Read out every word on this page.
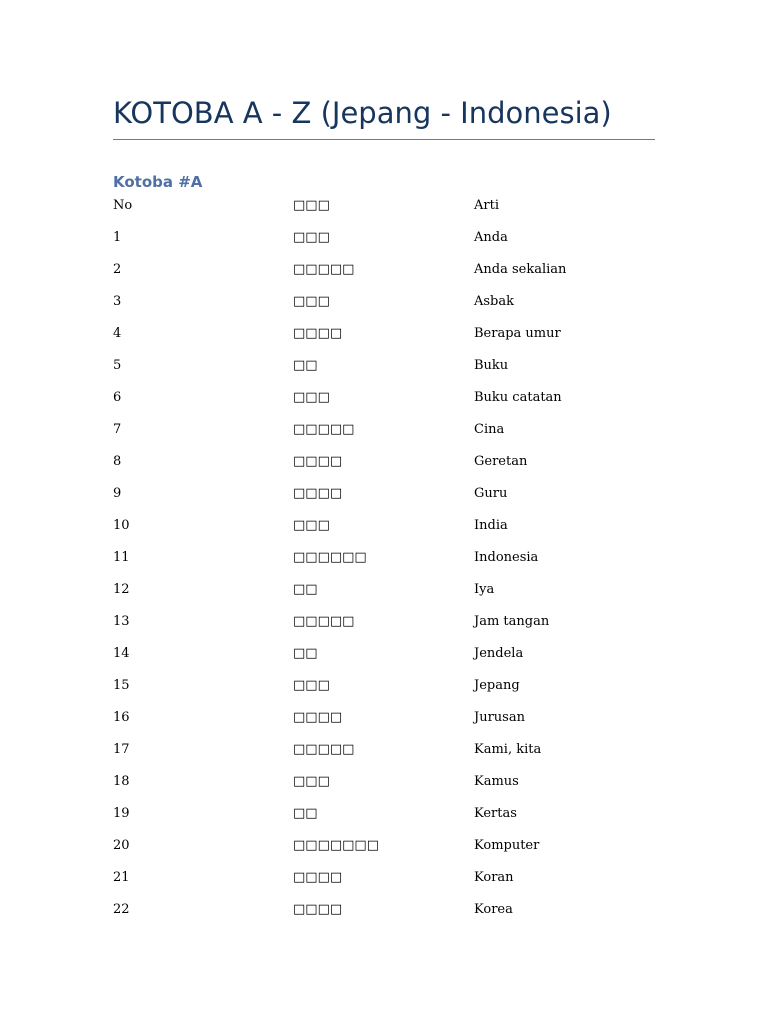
KOTOBA A - Z (Jepang - Indonesia)
Kotoba #A
No	□□□	Arti
1	□□□	Anda
2	□□□□□	Anda sekalian
3	□□□	Asbak
4	□□□□	Berapa umur
5	□□	Buku
6	□□□	Buku catatan
7	□□□□□	Cina
8	□□□□	Geretan
9	□□□□	Guru
10	□□□	India
11	□□□□□□	Indonesia
12	□□	Iya
13	□□□□□	Jam tangan
14	□□	Jendela
15	□□□	Jepang
16	□□□□	Jurusan
17	□□□□□	Kami, kita
18	□□□	Kamus
19	□□	Kertas
20	□□□□□□□	Komputer
21	□□□□	Koran
22	□□□□	Korea
